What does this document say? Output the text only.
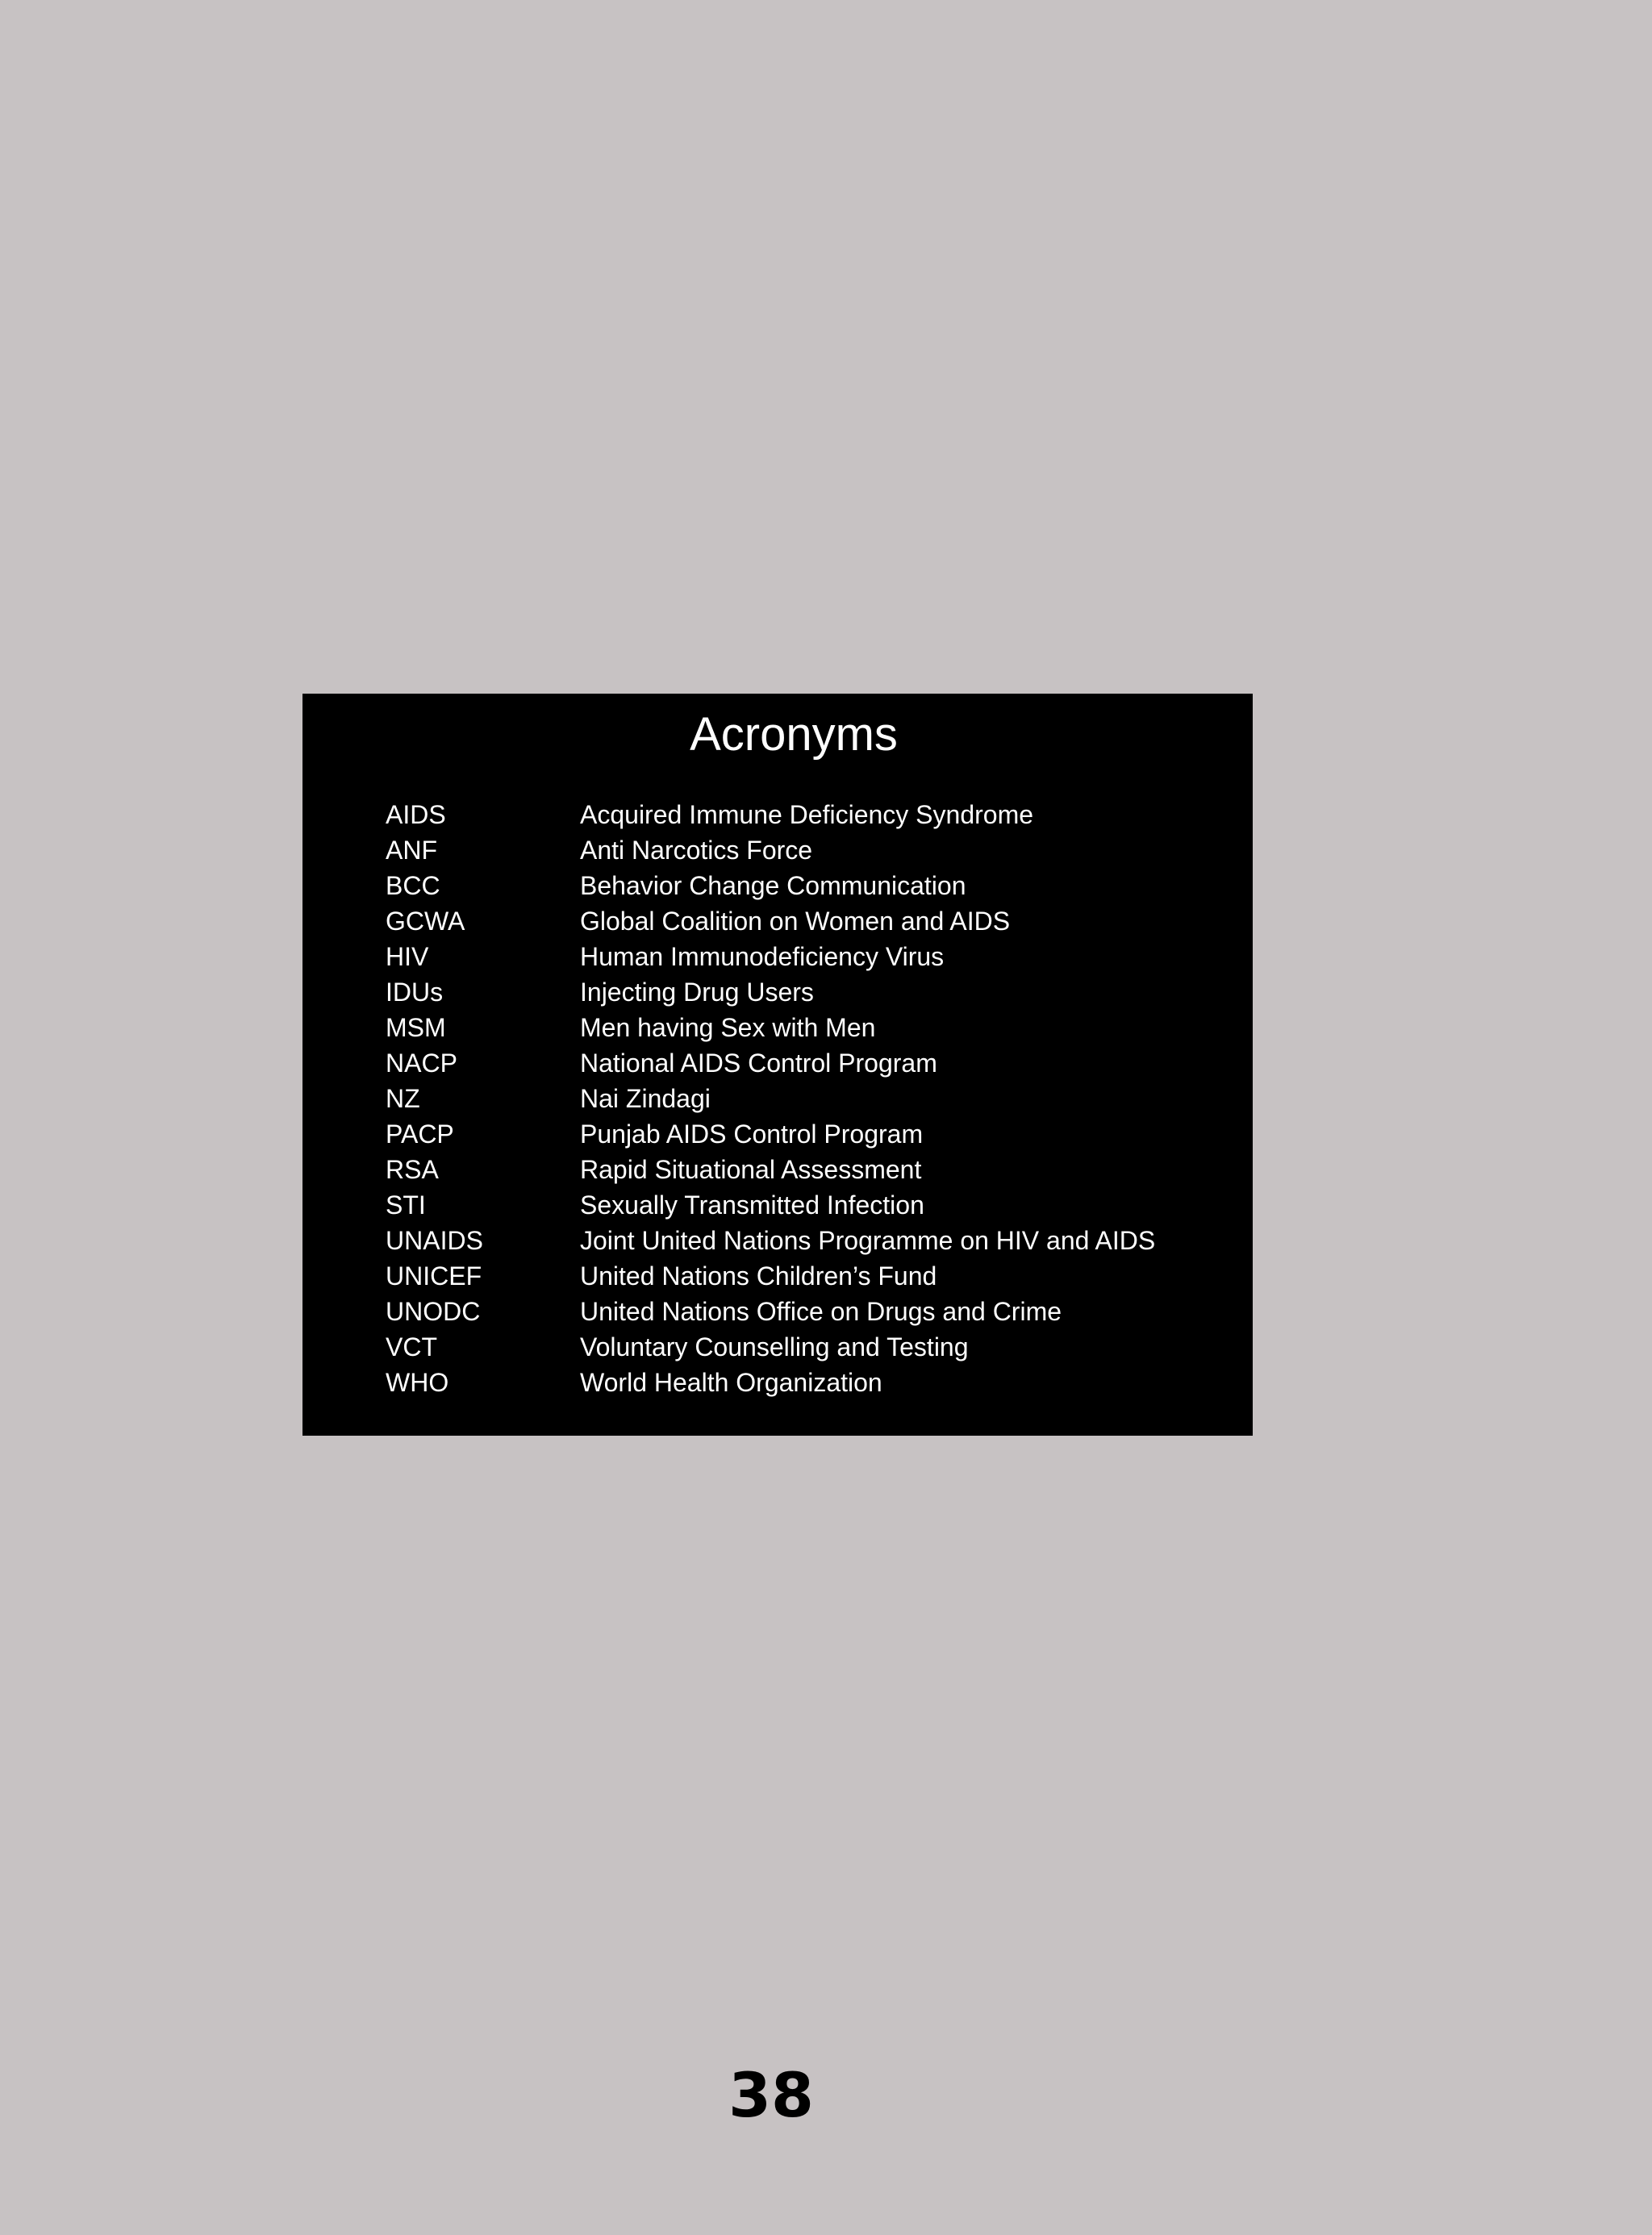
Acronyms
AIDS	Acquired Immune Deficiency Syndrome
ANF	Anti Narcotics Force
BCC	Behavior Change Communication
GCWA	Global Coalition on Women and AIDS
HIV	Human Immunodeficiency Virus
IDUs	Injecting Drug Users
MSM	Men having Sex with Men
NACP	National AIDS Control Program
NZ	Nai Zindagi
PACP	Punjab AIDS Control Program
RSA	Rapid Situational Assessment
STI	Sexually Transmitted Infection
UNAIDS	Joint United Nations Programme on HIV and AIDS
UNICEF	United Nations Children’s Fund
UNODC	United Nations Office on Drugs and Crime
VCT	Voluntary Counselling and Testing
WHO	World Health Organization
38
